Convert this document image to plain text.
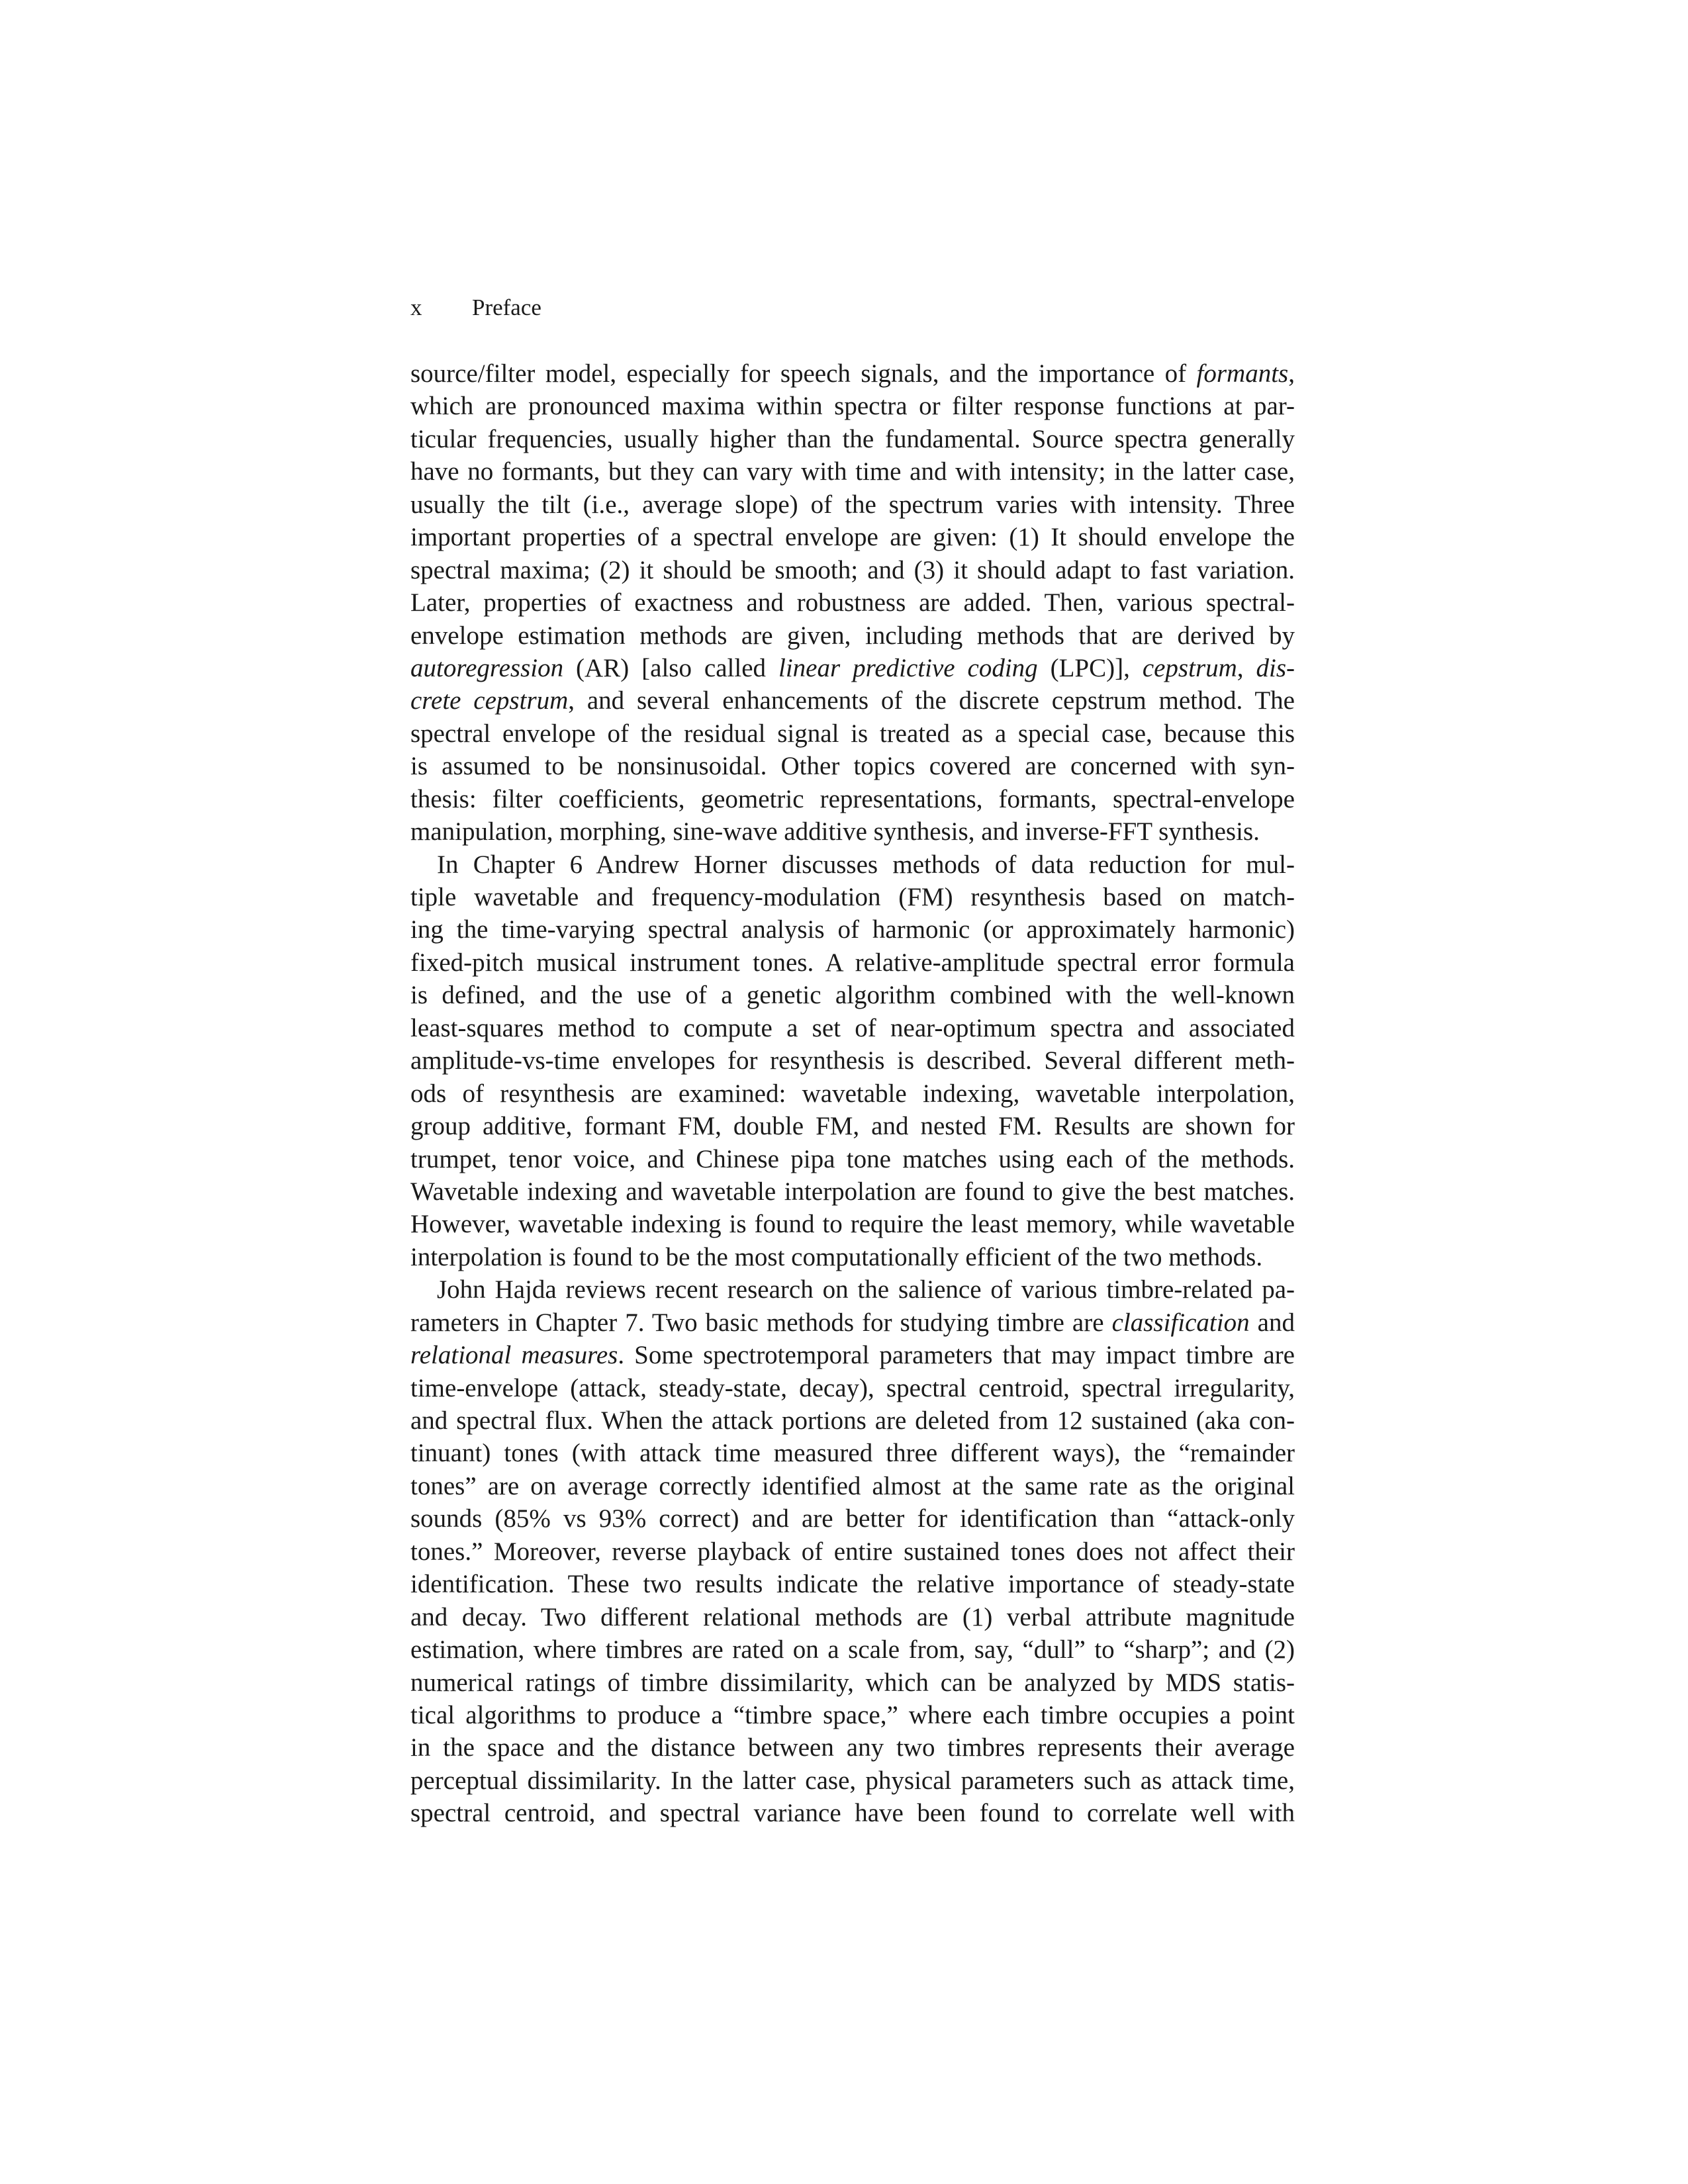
x Preface
source/filter model, especially for speech signals, and the importance of formants,
which are pronounced maxima within spectra or filter response functions at par-
ticular frequencies, usually higher than the fundamental. Source spectra generally
have no formants, but they can vary with time and with intensity; in the latter case,
usually the tilt (i.e., average slope) of the spectrum varies with intensity. Three
important properties of a spectral envelope are given: (1) It should envelope the
spectral maxima; (2) it should be smooth; and (3) it should adapt to fast variation.
Later, properties of exactness and robustness are added. Then, various spectral-
envelope estimation methods are given, including methods that are derived by
autoregression (AR) [also called linear predictive coding (LPC)], cepstrum, dis-
crete cepstrum, and several enhancements of the discrete cepstrum method. The
spectral envelope of the residual signal is treated as a special case, because this
is assumed to be nonsinusoidal. Other topics covered are concerned with syn-
thesis: filter coefficients, geometric representations, formants, spectral-envelope
manipulation, morphing, sine-wave additive synthesis, and inverse-FFT synthesis.
In Chapter 6 Andrew Horner discusses methods of data reduction for mul-
tiple wavetable and frequency-modulation (FM) resynthesis based on match-
ing the time-varying spectral analysis of harmonic (or approximately harmonic)
fixed-pitch musical instrument tones. A relative-amplitude spectral error formula
is defined, and the use of a genetic algorithm combined with the well-known
least-squares method to compute a set of near-optimum spectra and associated
amplitude-vs-time envelopes for resynthesis is described. Several different meth-
ods of resynthesis are examined: wavetable indexing, wavetable interpolation,
group additive, formant FM, double FM, and nested FM. Results are shown for
trumpet, tenor voice, and Chinese pipa tone matches using each of the methods.
Wavetable indexing and wavetable interpolation are found to give the best matches.
However, wavetable indexing is found to require the least memory, while wavetable
interpolation is found to be the most computationally efficient of the two methods.
John Hajda reviews recent research on the salience of various timbre-related pa-
rameters in Chapter 7. Two basic methods for studying timbre are classification and
relational measures. Some spectrotemporal parameters that may impact timbre are
time-envelope (attack, steady-state, decay), spectral centroid, spectral irregularity,
and spectral flux. When the attack portions are deleted from 12 sustained (aka con-
tinuant) tones (with attack time measured three different ways), the “remainder
tones” are on average correctly identified almost at the same rate as the original
sounds (85% vs 93% correct) and are better for identification than “attack-only
tones.” Moreover, reverse playback of entire sustained tones does not affect their
identification. These two results indicate the relative importance of steady-state
and decay. Two different relational methods are (1) verbal attribute magnitude
estimation, where timbres are rated on a scale from, say, “dull” to “sharp”; and (2)
numerical ratings of timbre dissimilarity, which can be analyzed by MDS statis-
tical algorithms to produce a “timbre space,” where each timbre occupies a point
in the space and the distance between any two timbres represents their average
perceptual dissimilarity. In the latter case, physical parameters such as attack time,
spectral centroid, and spectral variance have been found to correlate well with
